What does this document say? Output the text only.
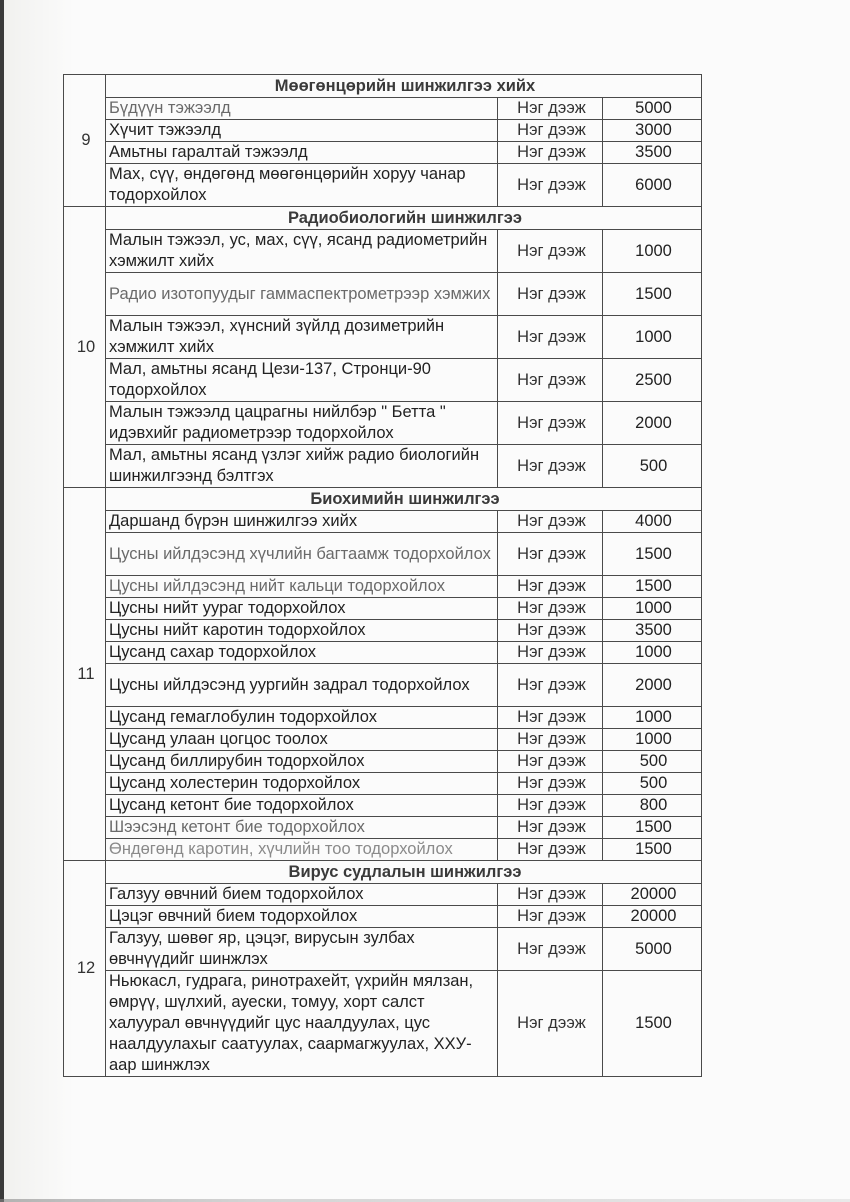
9	Мөөгөнцөрийн шинжилгээ хийх		
	Бүдүүн тэжээлд	Нэг дээж	5000
	Хүчит тэжээлд	Нэг дээж	3000
	Амьтны гаралтай тэжээлд	Нэг дээж	3500
	Мах, сүү, өндөгөнд мөөгөнцөрийн хоруу чанар тодорхойлох	Нэг дээж	6000
10	Радиобиологийн шинжилгээ		
	Малын тэжээл, ус, мах, сүү, ясанд радиометрийн хэмжилт хийх	Нэг дээж	1000
	Радио изотопуудыг гаммаспектрометрээр хэмжих	Нэг дээж	1500
	Малын тэжээл, хүнсний зүйлд дозиметрийн хэмжилт хийх	Нэг дээж	1000
	Мал, амьтны ясанд Цези-137, Стронци-90 тодорхойлох	Нэг дээж	2500
	Малын тэжээлд цацрагны нийлбэр " Бетта " идэвхийг радиометрээр тодорхойлох	Нэг дээж	2000
	Мал, амьтны ясанд үзлэг хийж радио биологийн шинжилгээнд бэлтгэх	Нэг дээж	500
11	Биохимийн шинжилгээ		
	Даршанд бүрэн шинжилгээ хийх	Нэг дээж	4000
	Цусны ийлдэсэнд хүчлийн багтаамж тодорхойлох	Нэг дээж	1500
	Цусны ийлдэсэнд нийт кальци тодорхойлох	Нэг дээж	1500
	Цусны нийт уураг тодорхойлох	Нэг дээж	1000
	Цусны нийт каротин тодорхойлох	Нэг дээж	3500
	Цусанд сахар тодорхойлох	Нэг дээж	1000
	Цусны ийлдэсэнд уургийн задрал тодорхойлох	Нэг дээж	2000
	Цусанд гемаглобулин тодорхойлох	Нэг дээж	1000
	Цусанд улаан цогцос тоолох	Нэг дээж	1000
	Цусанд биллирубин тодорхойлох	Нэг дээж	500
	Цусанд холестерин тодорхойлох	Нэг дээж	500
	Цусанд кетонт бие тодорхойлох	Нэг дээж	800
	Шээсэнд кетонт бие тодорхойлох	Нэг дээж	1500
	Өндөгөнд каротин, хүчлийн тоо тодорхойлох	Нэг дээж	1500
12	Вирус судлалын шинжилгээ		
	Галзуу өвчний бием тодорхойлох	Нэг дээж	20000
	Цэцэг өвчний бием тодорхойлох	Нэг дээж	20000
	Галзуу, шөвөг яр, цэцэг, вирусын зулбах өвчнүүдийг шинжлэх	Нэг дээж	5000
	Ньюкасл, гудрага, ринотрахейт, үхрийн мялзан, өмрүү, шүлхий, ауески, томуу, хорт салст халуурал өвчнүүдийг цус наалдуулах, цус наалдуулахыг саатуулах, саармагжуулах, ХХУ-аар шинжлэх	Нэг дээж	1500
